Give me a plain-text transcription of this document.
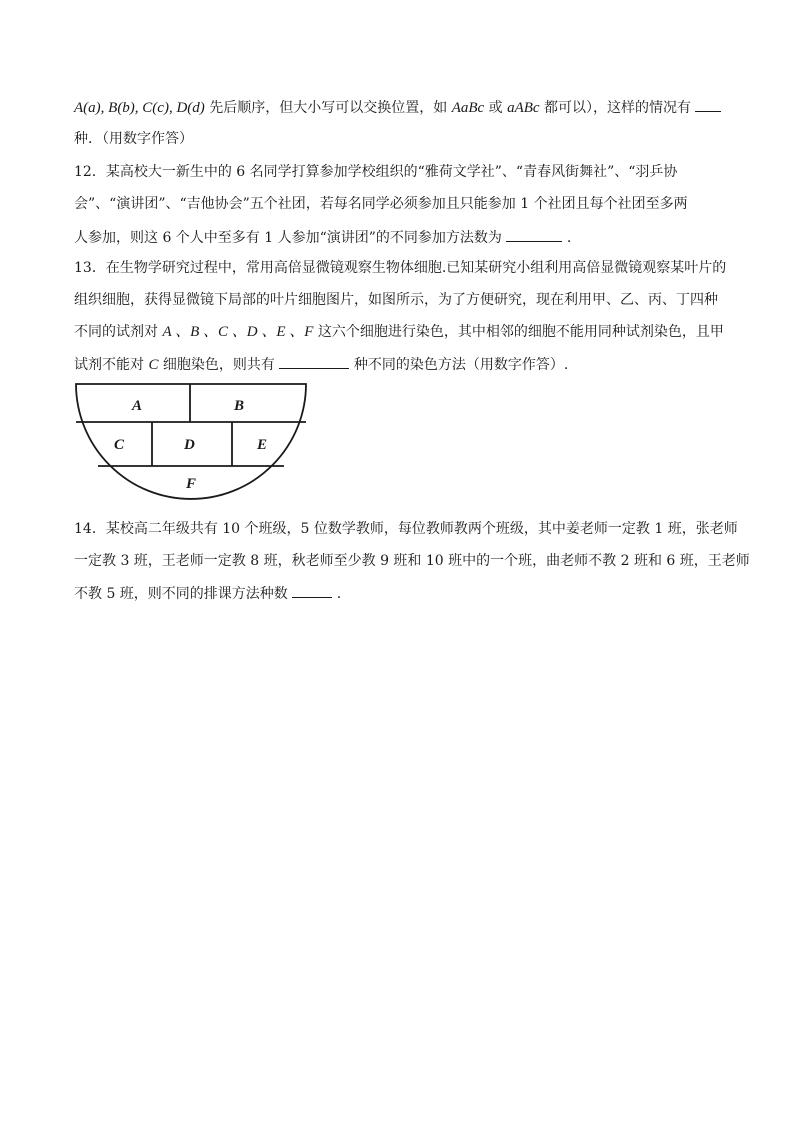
A(a), B(b), C(c), D(d) 先后顺序，但大小写可以交换位置，如 AaBc 或 aABc 都可以），这样的情况有
种．（用数字作答）
12．某高校大一新生中的 6 名同学打算参加学校组织的“雅荷文学社”、“青春风街舞社”、“羽乒协
会”、“演讲团”、“吉他协会”五个社团，若每名同学必须参加且只能参加 1 个社团且每个社团至多两
人参加，则这 6 个人中至多有 1 人参加“演讲团”的不同参加方法数为	.
13．在生物学研究过程中，常用高倍显微镜观察生物体细胞.已知某研究小组利用高倍显微镜观察某叶片的
组织细胞，获得显微镜下局部的叶片细胞图片，如图所示，为了方便研究，现在利用甲、乙、丙、丁四种
不同的试剂对 A 、B 、C 、D 、E 、F 这六个细胞进行染色，其中相邻的细胞不能用同种试剂染色，且甲
试剂不能对 C 细胞染色，则共有	种不同的染色方法（用数字作答）.
A	B
C	D	E
F
14．某校高二年级共有 10 个班级，5 位数学教师，每位教师教两个班级，其中姜老师一定教 1 班，张老师
一定教 3 班，王老师一定教 8 班，秋老师至少教 9 班和 10 班中的一个班，曲老师不教 2 班和 6 班，王老师
不教 5 班，则不同的排课方法种数	.
